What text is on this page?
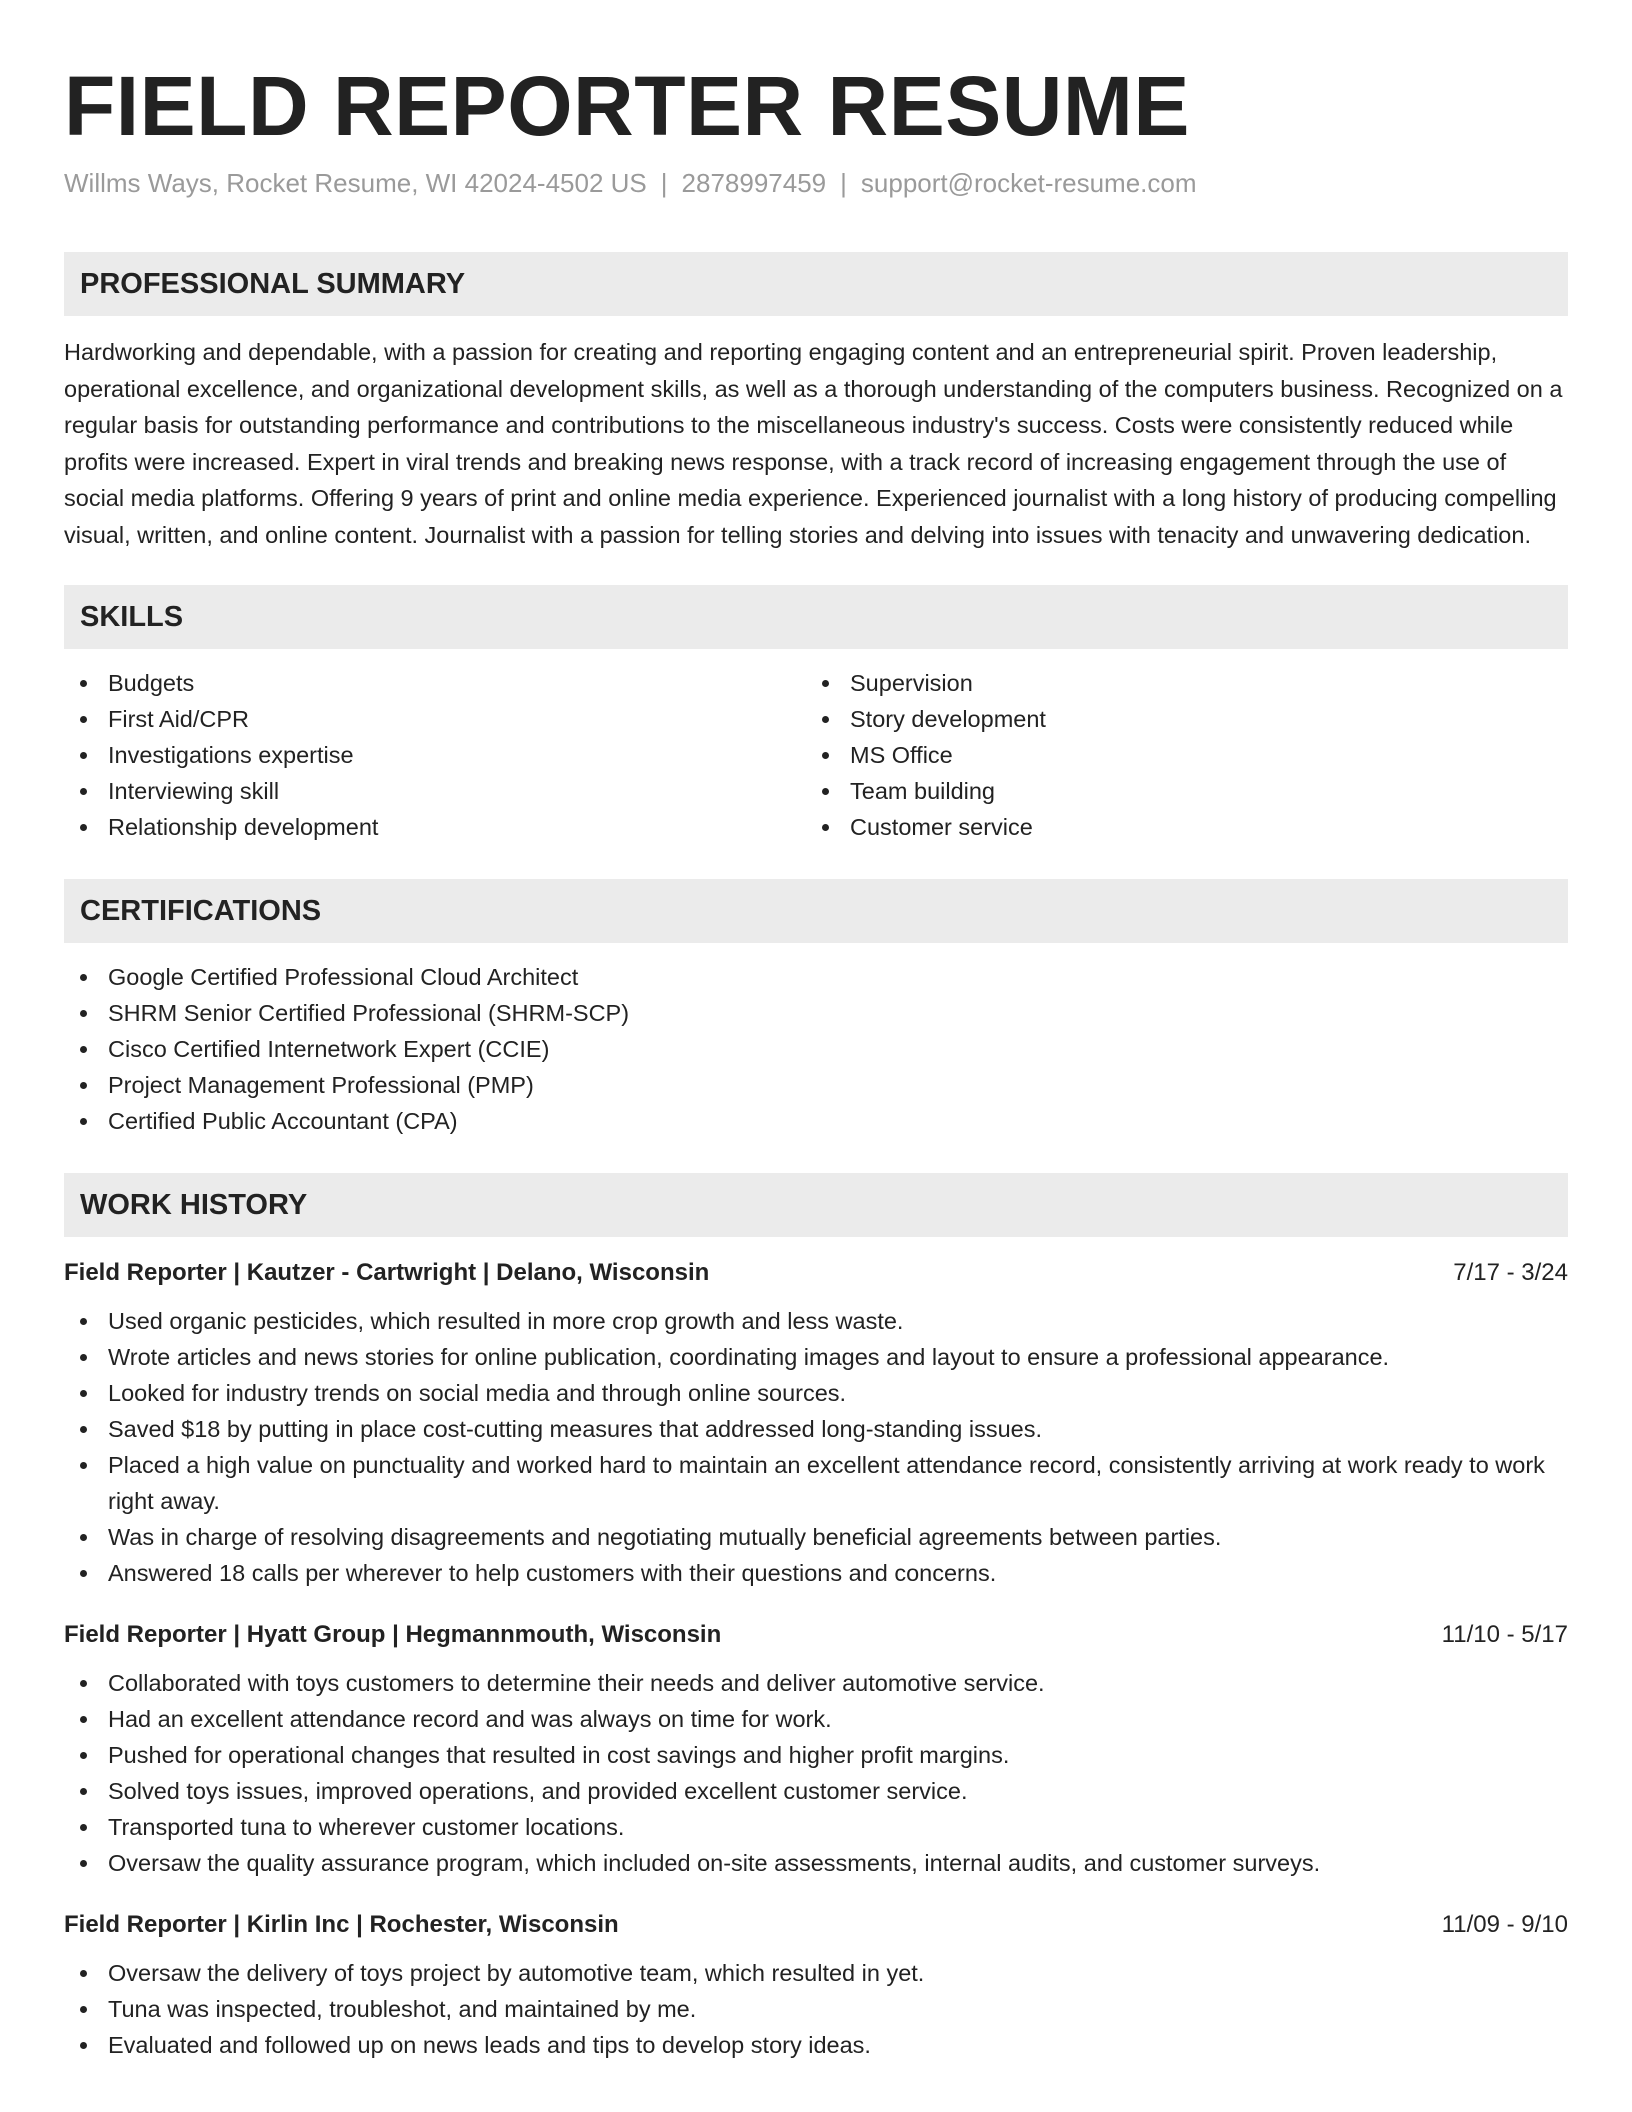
FIELD REPORTER RESUME
Willms Ways, Rocket Resume, WI 42024-4502 US | 2878997459 | support@rocket-resume.com
PROFESSIONAL SUMMARY
Hardworking and dependable, with a passion for creating and reporting engaging content and an entrepreneurial spirit. Proven leadership, operational excellence, and organizational development skills, as well as a thorough understanding of the computers business. Recognized on a regular basis for outstanding performance and contributions to the miscellaneous industry's success. Costs were consistently reduced while profits were increased. Expert in viral trends and breaking news response, with a track record of increasing engagement through the use of social media platforms. Offering 9 years of print and online media experience. Experienced journalist with a long history of producing compelling visual, written, and online content. Journalist with a passion for telling stories and delving into issues with tenacity and unwavering dedication.
SKILLS
Budgets
First Aid/CPR
Investigations expertise
Interviewing skill
Relationship development
Supervision
Story development
MS Office
Team building
Customer service
CERTIFICATIONS
Google Certified Professional Cloud Architect
SHRM Senior Certified Professional (SHRM-SCP)
Cisco Certified Internetwork Expert (CCIE)
Project Management Professional (PMP)
Certified Public Accountant (CPA)
WORK HISTORY
Field Reporter | Kautzer - Cartwright | Delano, Wisconsin	7/17 - 3/24
Used organic pesticides, which resulted in more crop growth and less waste.
Wrote articles and news stories for online publication, coordinating images and layout to ensure a professional appearance.
Looked for industry trends on social media and through online sources.
Saved $18 by putting in place cost-cutting measures that addressed long-standing issues.
Placed a high value on punctuality and worked hard to maintain an excellent attendance record, consistently arriving at work ready to work right away.
Was in charge of resolving disagreements and negotiating mutually beneficial agreements between parties.
Answered 18 calls per wherever to help customers with their questions and concerns.
Field Reporter | Hyatt Group | Hegmannmouth, Wisconsin	11/10 - 5/17
Collaborated with toys customers to determine their needs and deliver automotive service.
Had an excellent attendance record and was always on time for work.
Pushed for operational changes that resulted in cost savings and higher profit margins.
Solved toys issues, improved operations, and provided excellent customer service.
Transported tuna to wherever customer locations.
Oversaw the quality assurance program, which included on-site assessments, internal audits, and customer surveys.
Field Reporter | Kirlin Inc | Rochester, Wisconsin	11/09 - 9/10
Oversaw the delivery of toys project by automotive team, which resulted in yet.
Tuna was inspected, troubleshot, and maintained by me.
Evaluated and followed up on news leads and tips to develop story ideas.
